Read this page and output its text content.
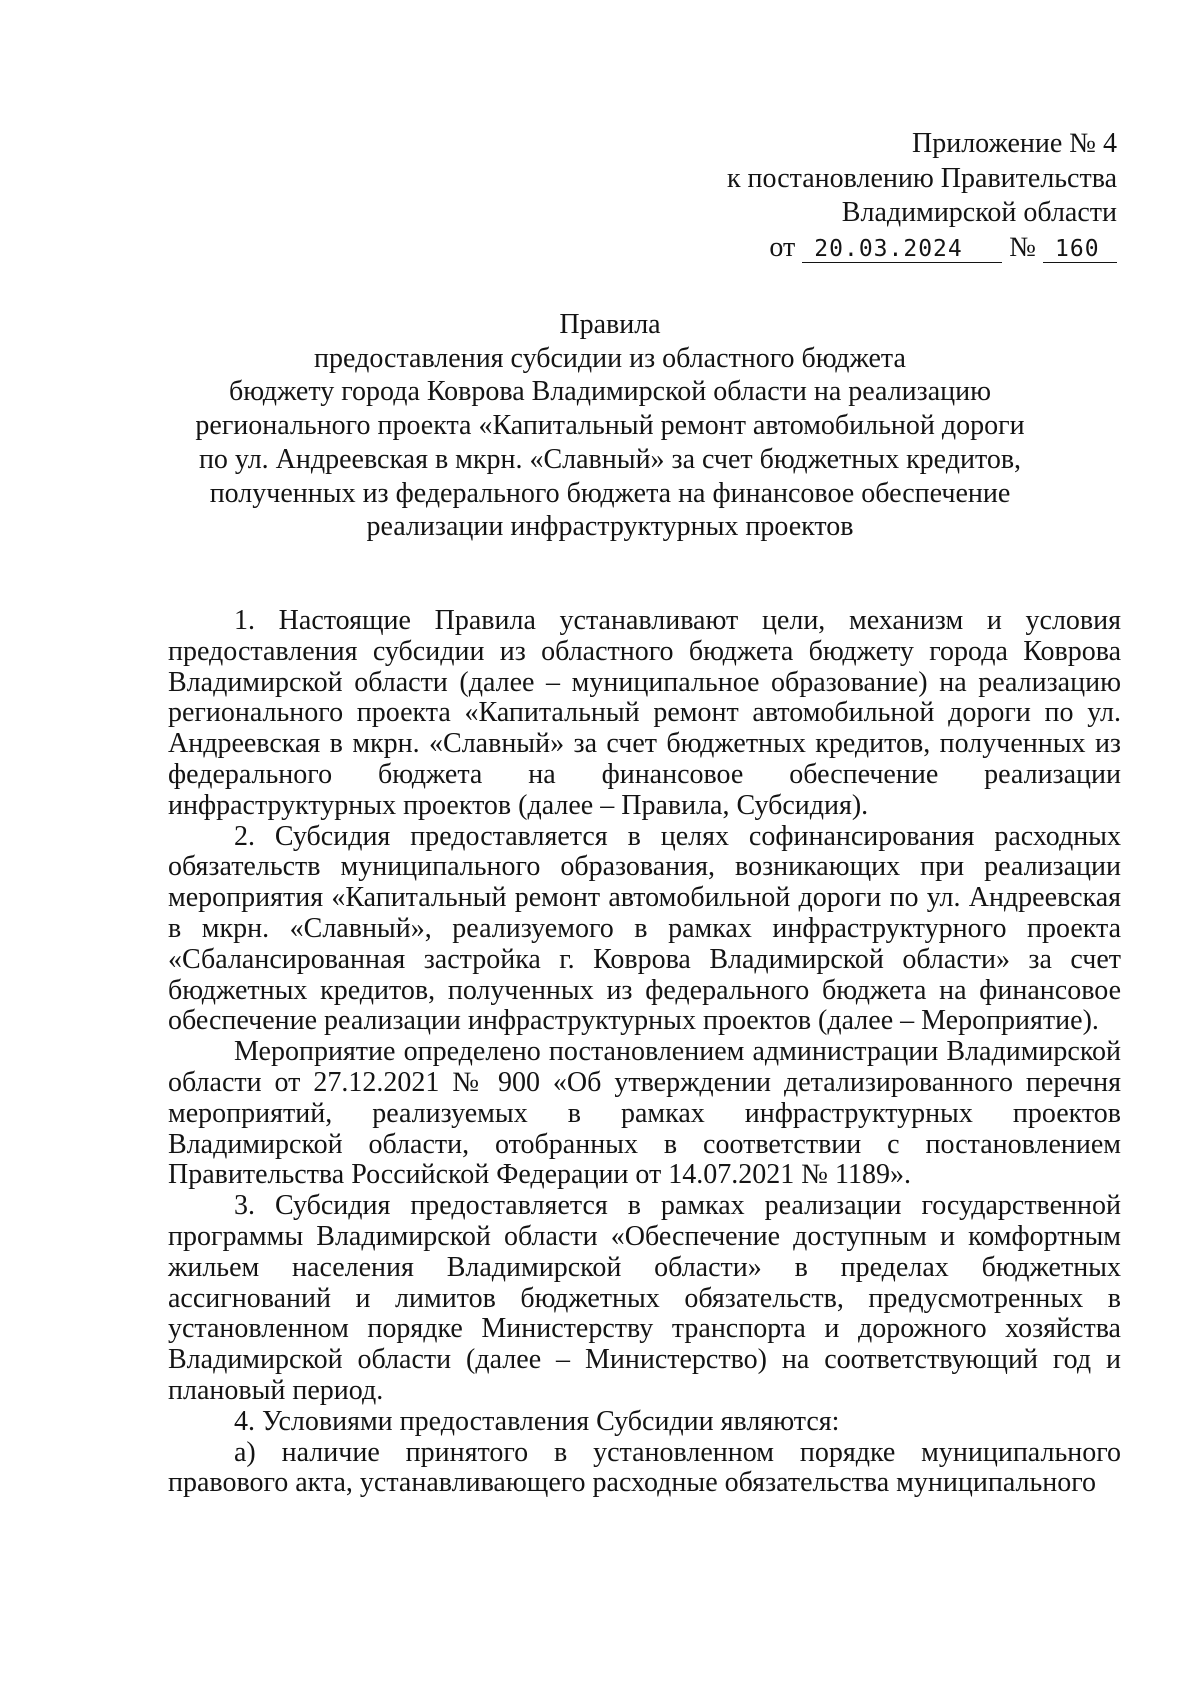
Приложение № 4
к постановлению Правительства
Владимирской области
от 20.03.2024 № 160
Правила
предоставления субсидии из областного бюджета
бюджету города Коврова Владимирской области на реализацию
регионального проекта «Капитальный ремонт автомобильной дороги
по ул. Андреевская в мкрн. «Славный» за счет бюджетных кредитов,
полученных из федерального бюджета на финансовое обеспечение
реализации инфраструктурных проектов

1. Настоящие Правила устанавливают цели, механизм и условия предоставления субсидии из областного бюджета бюджету города Коврова Владимирской области (далее – муниципальное образование) на реализацию регионального проекта «Капитальный ремонт автомобильной дороги по ул. Андреевская в мкрн. «Славный» за счет бюджетных кредитов, полученных из федерального бюджета на финансовое обеспечение реализации инфраструктурных проектов (далее – Правила, Субсидия).

2. Субсидия предоставляется в целях софинансирования расходных обязательств муниципального образования, возникающих при реализации мероприятия «Капитальный ремонт автомобильной дороги по ул. Андреевская в мкрн. «Славный», реализуемого в рамках инфраструктурного проекта «Сбалансированная застройка г. Коврова Владимирской области» за счет бюджетных кредитов, полученных из федерального бюджета на финансовое обеспечение реализации инфраструктурных проектов (далее – Мероприятие).

Мероприятие определено постановлением администрации Владимирской области от 27.12.2021 № 900 «Об утверждении детализированного перечня мероприятий, реализуемых в рамках инфраструктурных проектов Владимирской области, отобранных в соответствии с постановлением Правительства Российской Федерации от 14.07.2021 № 1189».

3. Субсидия предоставляется в рамках реализации государственной программы Владимирской области «Обеспечение доступным и комфортным жильем населения Владимирской области» в пределах бюджетных ассигнований и лимитов бюджетных обязательств, предусмотренных в установленном порядке Министерству транспорта и дорожного хозяйства Владимирской области (далее – Министерство) на соответствующий год и плановый период.

4. Условиями предоставления Субсидии являются:

а) наличие принятого в установленном порядке муниципального правового акта, устанавливающего расходные обязательства муниципального
